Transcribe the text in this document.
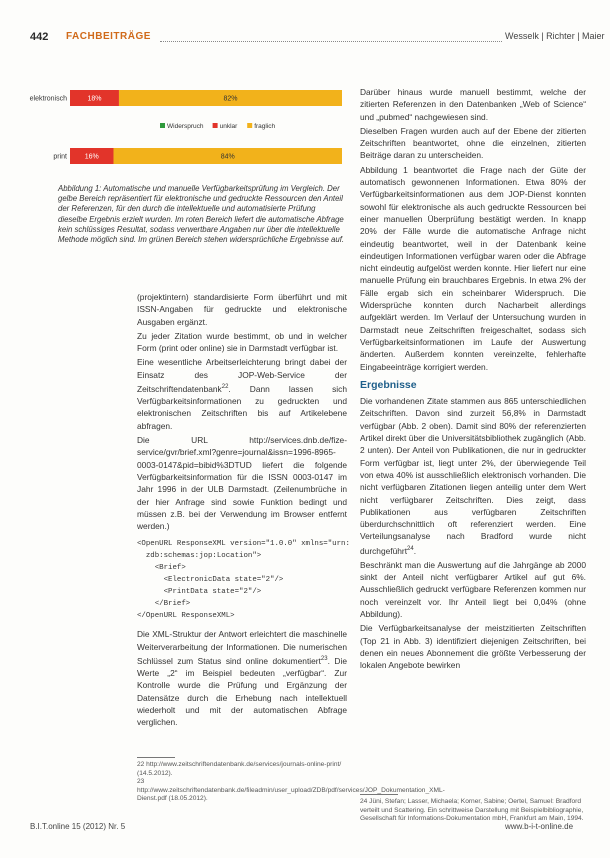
442 FACHBEITRÄGE	Wesselk | Richter | Maier
elektronisch	18%	82%
print	16%	84%
Widerspruch unklar	fraglich
Abbildung 1: Automatische und manuelle Verfügbarkeitsprüfung im Vergleich. Der gelbe Bereich repräsentiert für elektronische und gedruckte Ressourcen den Anteil der Referenzen, für den durch die intellektuelle und automatisierte Prüfung dieselbe Ergebnis erzielt wurden. Im roten Bereich liefert die automatische Abfrage kein schlüssiges Resultat, sodass verwertbare Angaben nur über die intellektuelle Methode möglich sind. Im grünen Bereich stehen widersprüchliche Ergebnisse auf.

(projektintern) standardisierte Form überführt und mit ISSN-Angaben für gedruckte und elektronische Ausgaben ergänzt.

Zu jeder Zitation wurde bestimmt, ob und in welcher Form (print oder online) sie in Darmstadt verfügbar ist.

Eine wesentliche Arbeitserleichterung bringt dabei der Einsatz des JOP-Web-Service der Zeitschriftendatenbank$^{22}$. Dann lassen sich Verfügbarkeitsinformationen zu gedruckten und elektronischen Zeitschriften bis auf Artikelebene abfragen.

Die URL http://services.dnb.de/fize-service/gvr/brief.xml?genre=journal&issn=1996-8965-0003-0147&pid=bibid%3DTUD liefert die folgende Verfügbarkeitsinformation für die ISSN 0003-0147 im Jahr 1996 in der ULB Darmstadt. (Zeilenumbrüche in der hier Anfrage sind sowie Funktion bedingt und müssen z.B. bei der Verwendung im Browser entfernt werden.)

<OpenURL ResponseXML version="1.0.0" xmlns="urn:
zdb:schemas:jop:Location">
<Brief>
<ElectronicData state="2"/>
<PrintData state="2"/>
</Brief>
</OpenURL ResponseXML>

Die XML-Struktur der Antwort erleichtert die maschinelle Weiterverarbeitung der Informationen. Die numerischen Schlüssel zum Status sind online dokumentiert$^{23}$. Die Werte „2“ im Beispiel bedeuten „verfügbar“. Zur Kontrolle wurde die Prüfung und Ergänzung der Datensätze durch die Erhebung nach intellektuell wiederholt und mit der automatischen Abfrage verglichen.

22 http://www.zeitschriftendatenbank.de/services/journals-online-print/ (14.5.2012).
23 http://www.zeitschriftendatenbank.de/fileadmin/user_upload/ZDB/pdf/services/JOP_Dokumentation_XML-Dienst.pdf (18.05.2012).

Darüber hinaus wurde manuell bestimmt, welche der zitierten Referenzen in den Datenbanken „Web of Science“ und „pubmed“ nachgewiesen sind.

Dieselben Fragen wurden auch auf der Ebene der zitierten Zeitschriften beantwortet, ohne die einzelnen, zitierten Beiträge daran zu unterscheiden.

Abbildung 1 beantwortet die Frage nach der Güte der automatisch gewonnenen Informationen. Etwa 80% der Verfügbarkeitsinformationen aus dem JOP-Dienst konnten sowohl für elektronische als auch gedruckte Ressourcen bei einer manuellen Überprüfung bestätigt werden. In knapp 20% der Fälle wurde die automatische Anfrage nicht eindeutig beantwortet, weil in der Datenbank keine eindeutigen Informationen verfügbar waren oder die Abfrage nicht eindeutig aufgelöst werden konnte. Hier liefert nur eine manuelle Prüfung ein brauchbares Ergebnis. In etwa 2% der Fälle ergab sich ein scheinbarer Widerspruch. Die Widersprüche konnten durch Nacharbeit allerdings aufgeklärt werden. Im Verlauf der Untersuchung wurden in Darmstadt neue Zeitschriften freigeschaltet, sodass sich Verfügbarkeitsinformationen im Laufe der Auswertung änderten. Außerdem konnten vereinzelte, fehlerhafte Eingabeeinträge korrigiert werden.

Ergebnisse

Die vorhandenen Zitate stammen aus 865 unterschiedlichen Zeitschriften. Davon sind zurzeit 56,8% in Darmstadt verfügbar (Abb. 2 oben). Damit sind 80% der referenzierten Artikel direkt über die Universitätsbibliothek zugänglich (Abb. 2 unten). Der Anteil von Publikationen, die nur in gedruckter Form verfügbar ist, liegt unter 2%, der überwiegende Teil von etwa 40% ist ausschließlich elektronisch vorhanden. Die nicht verfügbaren Zitationen liegen anteilig unter dem Wert nicht verfügbarer Zeitschriften. Dies zeigt, dass Publikationen aus verfügbaren Zeitschriften überdurchschnittlich oft referenziert werden. Eine Verteilungsanalyse nach Bradford wurde nicht durchgeführt$^{24}$.

Beschränkt man die Auswertung auf die Jahrgänge ab 2000 sinkt der Anteil nicht verfügbarer Artikel auf gut 6%. Ausschließlich gedruckt verfügbare Referenzen kommen nur noch vereinzelt vor. Ihr Anteil liegt bei 0,04% (ohne Abbildung).

Die Verfügbarkeitsanalyse der meistzitierten Zeitschriften (Top 21 in Abb. 3) identifiziert diejenigen Zeitschriften, bei denen ein neues Abonnement die größte Verbesserung der lokalen Angebote bewirken

24 Jüni, Stefan; Lasser, Michaela; Korner, Sabine; Oertel, Samuel: Bradford verteilt und Scattering. Ein schrittweise Darstellung mit Beispielbibliographie, Gesellschaft für Informations-Dokumentation mbH, Frankfurt am Main, 1994.
B.I.T.online 15 (2012) Nr. 5	www.b-i-t-online.de
